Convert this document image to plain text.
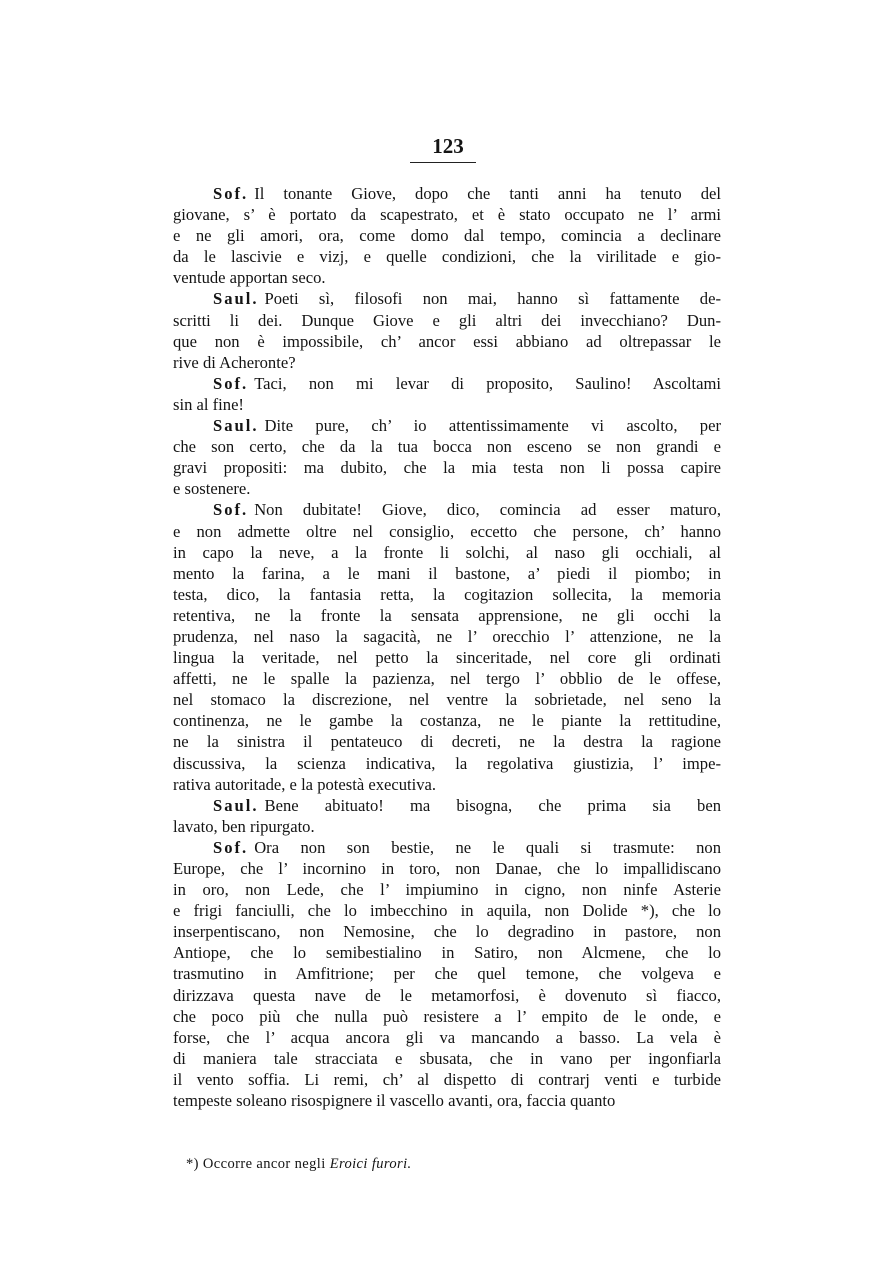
123
Sof. Il tonante Giove, dopo che tanti anni ha tenuto del
giovane, s’ è portato da scapestrato, et è stato occupato ne l’ armi
e ne gli amori, ora, come domo dal tempo, comincia a declinare
da le lascivie e vizj, e quelle condizioni, che la virilitade e gio-
ventude apportan seco.
Saul. Poeti sì, filosofi non mai, hanno sì fattamente de-
scritti li dei. Dunque Giove e gli altri dei invecchiano? Dun-
que non è impossibile, ch’ ancor essi abbiano ad oltrepassar le
rive di Acheronte?
Sof. Taci, non mi levar di proposito, Saulino! Ascoltami
sin al fine!
Saul. Dite pure, ch’ io attentissimamente vi ascolto, per
che son certo, che da la tua bocca non esceno se non grandi e
gravi propositi: ma dubito, che la mia testa non li possa capire
e sostenere.
Sof. Non dubitate! Giove, dico, comincia ad esser maturo,
e non admette oltre nel consiglio, eccetto che persone, ch’ hanno
in capo la neve, a la fronte li solchi, al naso gli occhiali, al
mento la farina, a le mani il bastone, a’ piedi il piombo; in
testa, dico, la fantasia retta, la cogitazion sollecita, la memoria
retentiva, ne la fronte la sensata apprensione, ne gli occhi la
prudenza, nel naso la sagacità, ne l’ orecchio l’ attenzione, ne la
lingua la veritade, nel petto la sinceritade, nel core gli ordinati
affetti, ne le spalle la pazienza, nel tergo l’ obblio de le offese,
nel stomaco la discrezione, nel ventre la sobrietade, nel seno la
continenza, ne le gambe la costanza, ne le piante la rettitudine,
ne la sinistra il pentateuco di decreti, ne la destra la ragione
discussiva, la scienza indicativa, la regolativa giustizia, l’ impe-
rativa autoritade, e la potestà executiva.
Saul. Bene abituato! ma bisogna, che prima sia ben
lavato, ben ripurgato.
Sof. Ora non son bestie, ne le quali si trasmute: non
Europe, che l’ incornino in toro, non Danae, che lo impallidiscano
in oro, non Lede, che l’ impiumino in cigno, non ninfe Asterie
e frigi fanciulli, che lo imbecchino in aquila, non Dolide *), che lo
inserpentiscano, non Nemosine, che lo degradino in pastore, non
Antiope, che lo semibestialino in Satiro, non Alcmene, che lo
trasmutino in Amfitrione; per che quel temone, che volgeva e
dirizzava questa nave de le metamorfosi, è dovenuto sì fiacco,
che poco più che nulla può resistere a l’ empito de le onde, e
forse, che l’ acqua ancora gli va mancando a basso. La vela è
di maniera tale stracciata e sbusata, che in vano per ingonfiarla
il vento soffia. Li remi, ch’ al dispetto di contrarj venti e turbide
tempeste soleano risospignere il vascello avanti, ora, faccia quanto
*) Occorre ancor negli Eroici furori.
